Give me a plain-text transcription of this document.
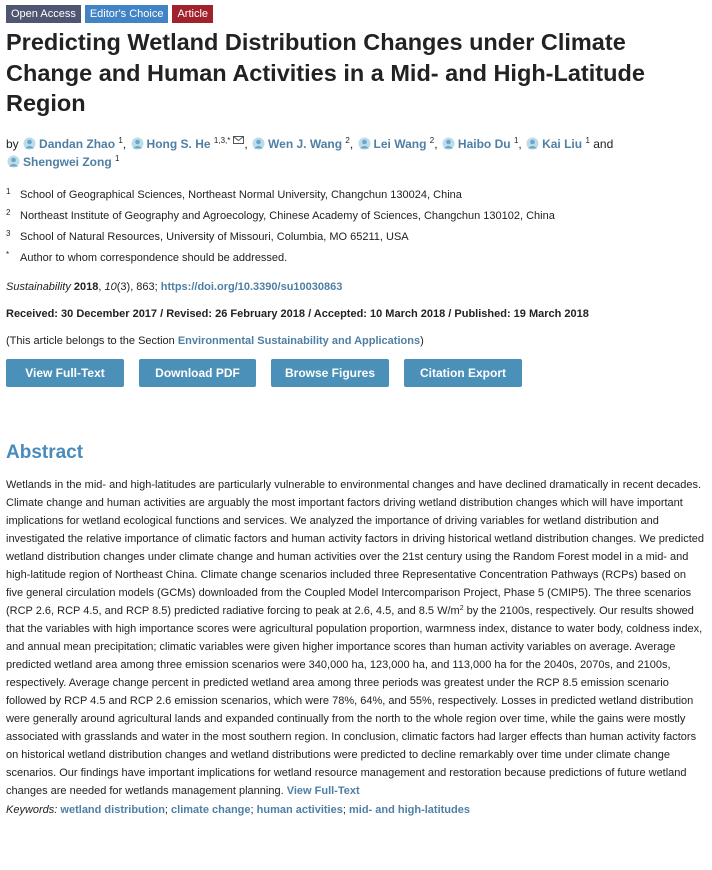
Open Access	Editor's Choice	Article
Predicting Wetland Distribution Changes under Climate Change and Human Activities in a Mid- and High-Latitude Region
by Dandan Zhao $^1$, Hong S. He $^{1,3,*}$ , Wen J. Wang $^2$, Lei Wang $^2$, Haibo Du $^1$, Kai Liu $^1$ and
Shengwei Zong $^1$
1 School of Geographical Sciences, Northeast Normal University, Changchun 130024, China
2 Northeast Institute of Geography and Agroecology, Chinese Academy of Sciences, Changchun 130102, China
3 School of Natural Resources, University of Missouri, Columbia, MO 65211, USA
* Author to whom correspondence should be addressed.
Sustainability 2018, 10(3), 863; https://doi.org/10.3390/su10030863
Received: 30 December 2017 / Revised: 26 February 2018 / Accepted: 10 March 2018 / Published: 19 March 2018
(This article belongs to the Section Environmental Sustainability and Applications)
View Full-Text	Download PDF	Browse Figures	Citation Export
Abstract
Wetlands in the mid- and high-latitudes are particularly vulnerable to environmental changes and have declined dramatically in recent decades. Climate change and human activities are arguably the most important factors driving wetland distribution changes which will have important implications for wetland ecological functions and services. We analyzed the importance of driving variables for wetland distribution and investigated the relative importance of climatic factors and human activity factors in driving historical wetland distribution changes. We predicted wetland distribution changes under climate change and human activities over the 21st century using the Random Forest model in a mid- and high-latitude region of Northeast China. Climate change scenarios included three Representative Concentration Pathways (RCPs) based on five general circulation models (GCMs) downloaded from the Coupled Model Intercomparison Project, Phase 5 (CMIP5). The three scenarios (RCP 2.6, RCP 4.5, and RCP 8.5) predicted radiative forcing to peak at 2.6, 4.5, and 8.5 $W/m^2$ by the 2100s, respectively. Our results showed that the variables with high importance scores were agricultural population proportion, warmness index, distance to water body, coldness index, and annual mean precipitation; climatic variables were given higher importance scores than human activity variables on average. Average predicted wetland area among three emission scenarios were 340,000 ha, 123,000 ha, and 113,000 ha for the 2040s, 2070s, and 2100s, respectively. Average change percent in predicted wetland area among three periods was greatest under the RCP 8.5 emission scenario followed by RCP 4.5 and RCP 2.6 emission scenarios, which were 78%, 64%, and 55%, respectively. Losses in predicted wetland distribution were generally around agricultural lands and expanded continually from the north to the whole region over time, while the gains were mostly associated with grasslands and water in the most southern region. In conclusion, climatic factors had larger effects than human activity factors on historical wetland distribution changes and wetland distributions were predicted to decline remarkably over time under climate change scenarios. Our findings have important implications for wetland resource management and restoration because predictions of future wetland changes are needed for wetlands management planning. View Full-Text
Keywords: wetland distribution; climate change; human activities; mid- and high-latitudes
